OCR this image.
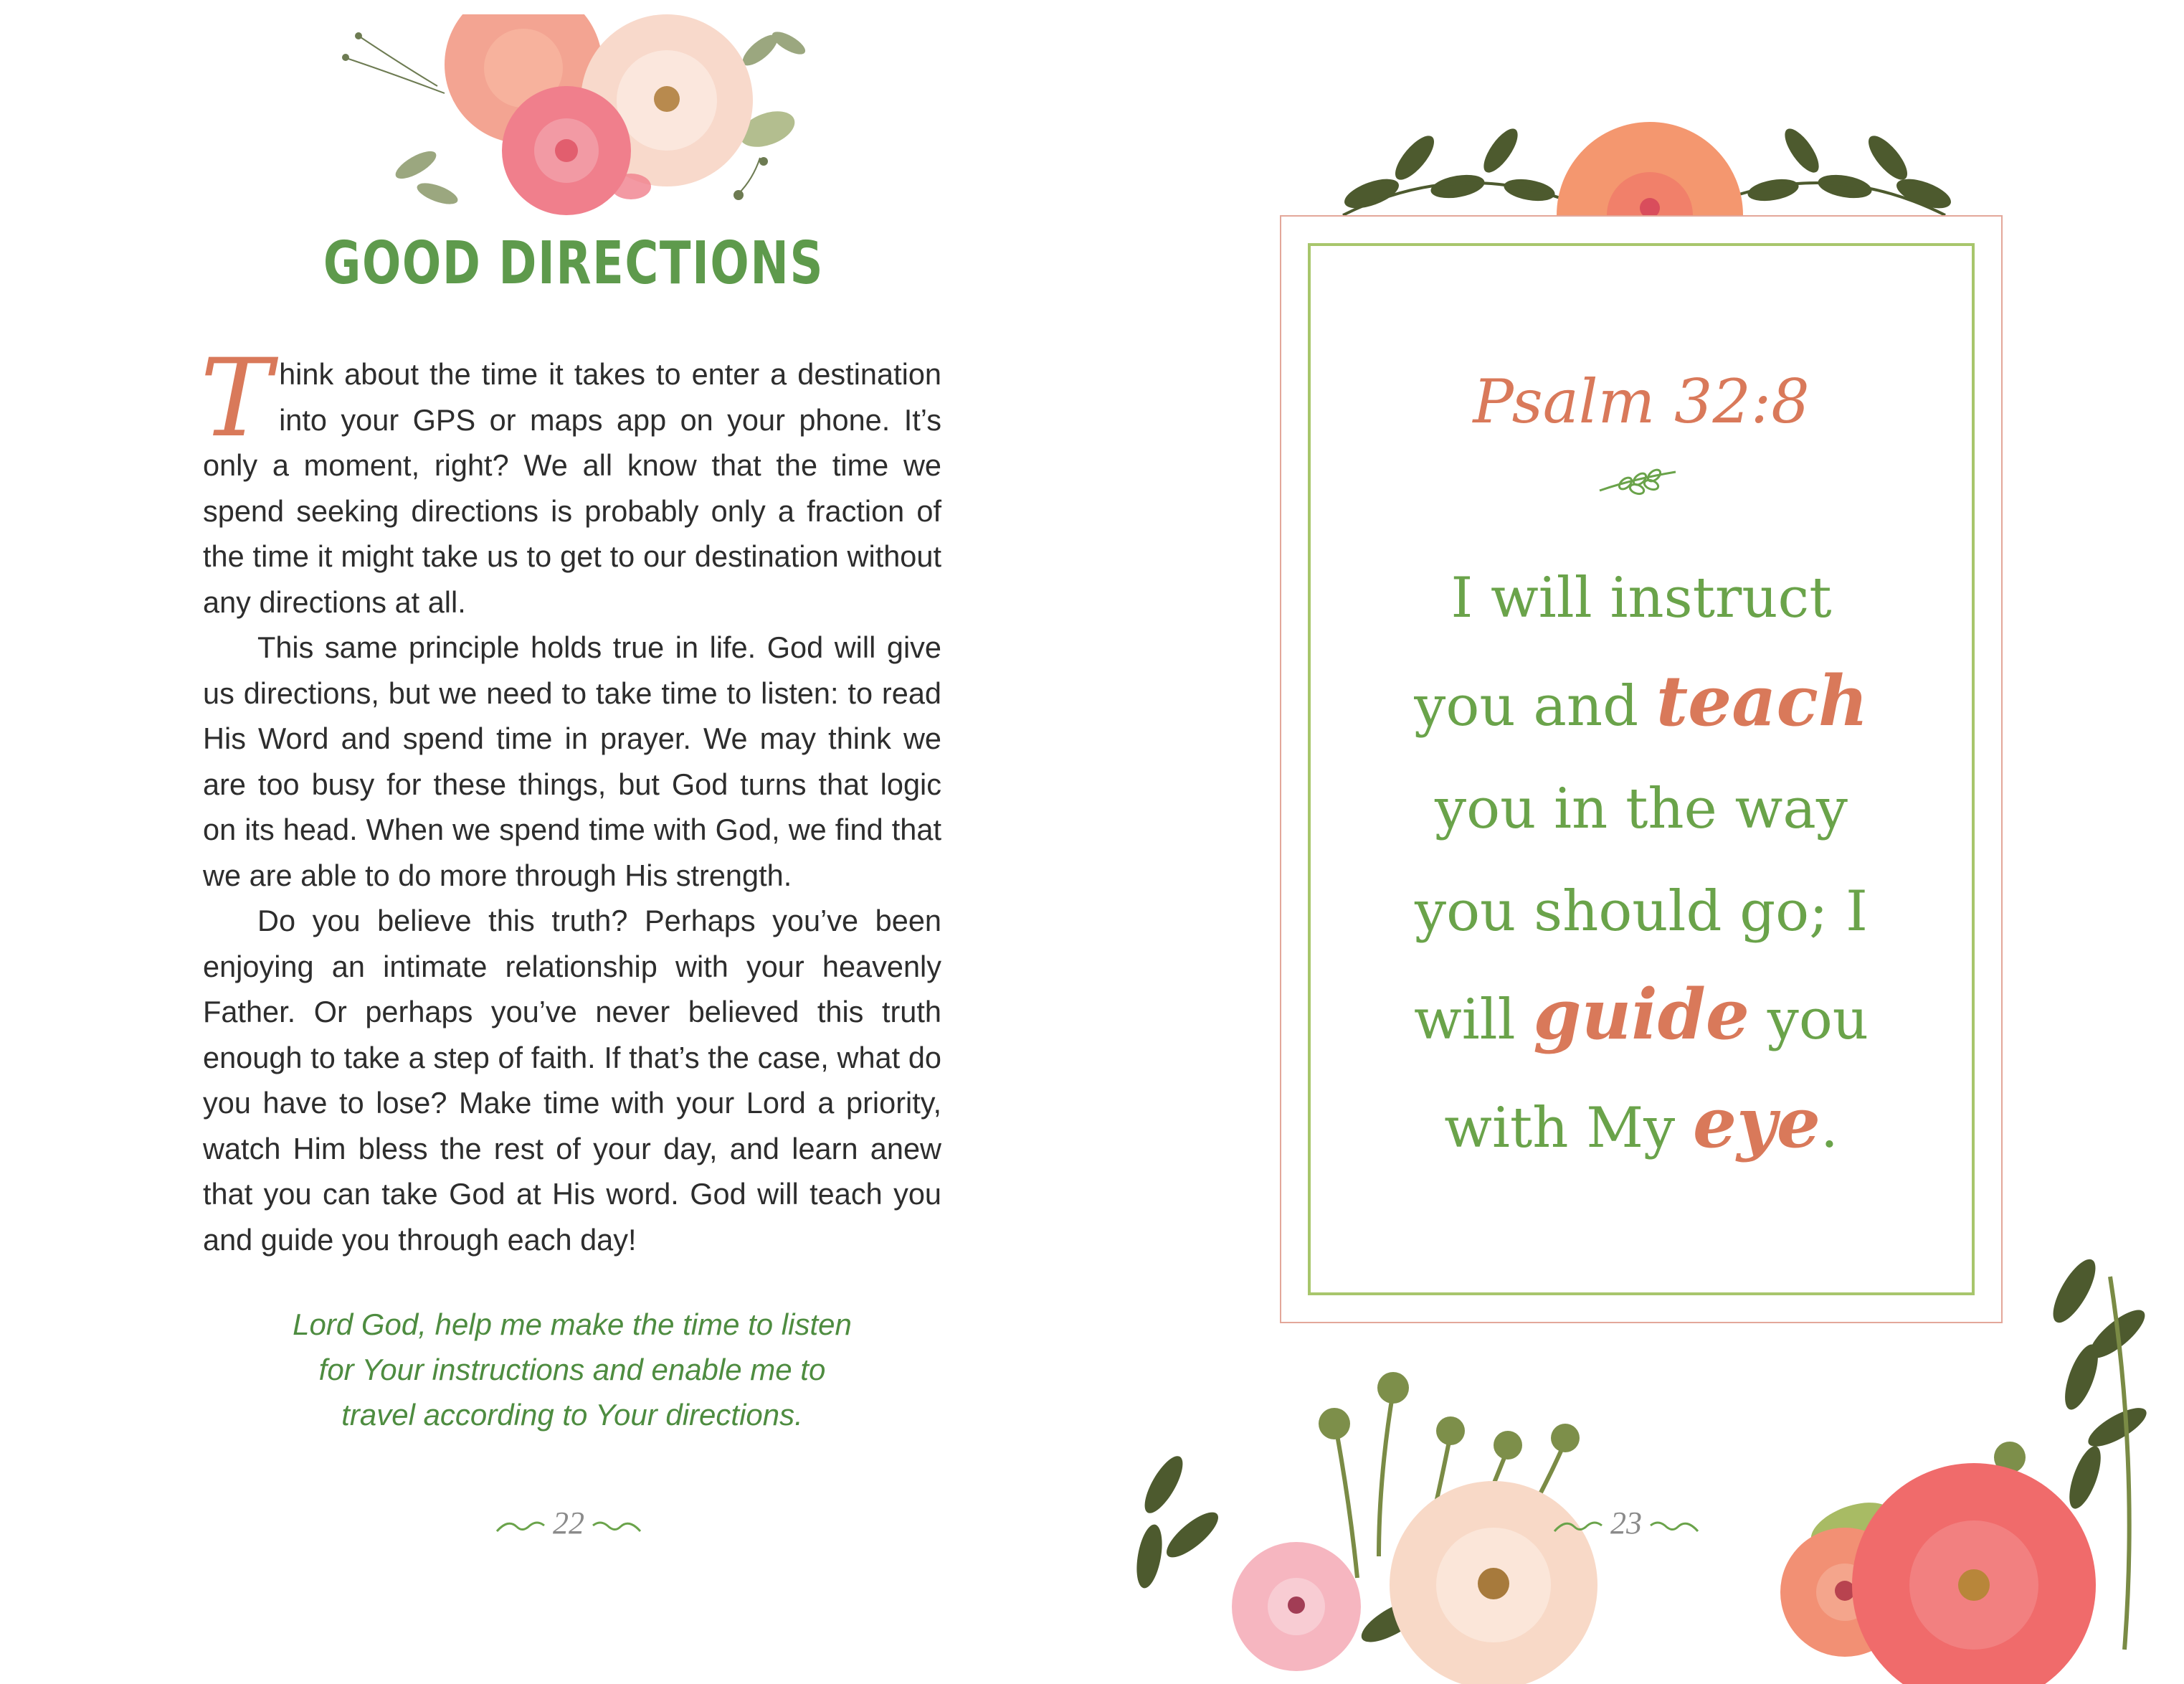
GOOD DIRECTIONS

Think about the time it takes to enter a destination into your GPS or maps app on your phone. It’s only a moment, right? We all know that the time we spend seeking directions is probably only a fraction of the time it might take us to get to our destination without any directions at all.

This same principle holds true in life. God will give us directions, but we need to take time to listen: to read His Word and spend time in prayer. We may think we are too busy for these things, but God turns that logic on its head. When we spend time with God, we find that we are able to do more through His strength.

Do you believe this truth? Perhaps you’ve been enjoying an intimate relationship with your heavenly Father. Or perhaps you’ve never believed this truth enough to take a step of faith. If that’s the case, what do you have to lose? Make time with your Lord a priority, watch Him bless the rest of your day, and learn anew that you can take God at His word. God will teach you and guide you through each day!

Lord God, help me make the time to listen
for Your instructions and enable me to
travel according to Your directions.
22
Psalm 32:8
I will instruct
you and teach
you in the way
you should go; I
will guide you
with My eye.
23
